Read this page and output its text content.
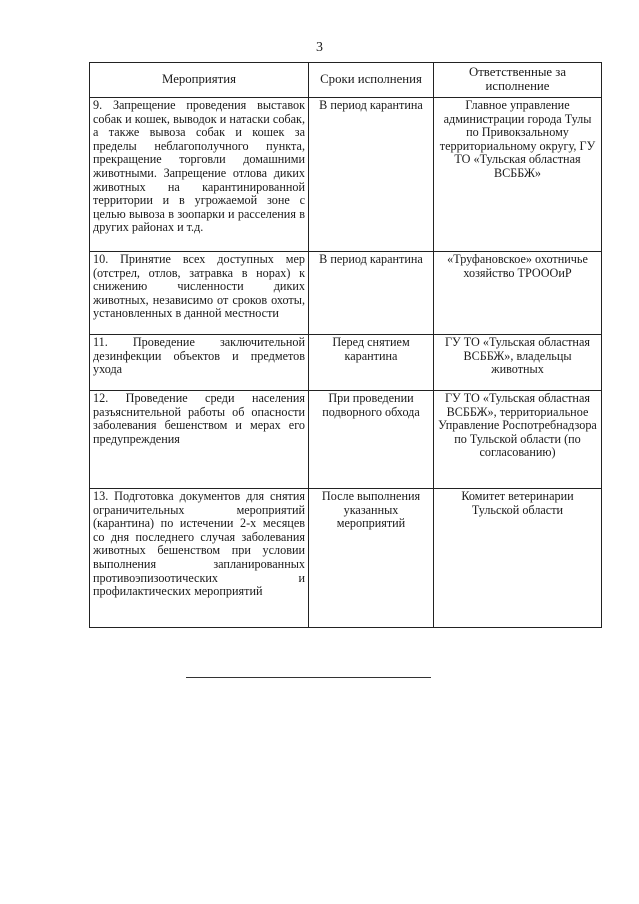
3
Мероприятия	Сроки исполнения	Ответственные за исполнение
9. Запрещение проведения выставок собак и кошек, выводок и натаски собак, а также вывоза собак и кошек за пределы неблагополучного пункта, прекращение торговли домашними животными. Запрещение отлова диких животных на карантинированной территории и в угрожаемой зоне с целью вывоза в зоопарки и расселения в других районах и т.д.	В период карантина	Главное управление администрации города Тулы по Привокзальному территориальному округу, ГУ ТО «Тульская областная ВСББЖ»
10. Принятие всех доступных мер (отстрел, отлов, затравка в норах) к снижению численности диких животных, независимо от сроков охоты, установленных в данной местности	В период карантина	«Труфановское» охотничье хозяйство ТРОООиР
11. Проведение заключительной дезинфекции объектов и предметов ухода	Перед снятием карантина	ГУ ТО «Тульская областная ВСББЖ», владельцы животных
12. Проведение среди населения разъяснительной работы об опасности заболевания бешенством и мерах его предупреждения	При проведении подворного обхода	ГУ ТО «Тульская областная ВСББЖ», территориальное Управление Роспотребнадзора по Тульской области (по согласованию)
13. Подготовка документов для снятия ограничительных мероприятий (карантина) по истечении 2-х месяцев со дня последнего случая заболевания животных бешенством при условии выполнения запланированных противоэпизоотических и профилактических мероприятий	После выполнения указанных мероприятий	Комитет ветеринарии Тульской области
